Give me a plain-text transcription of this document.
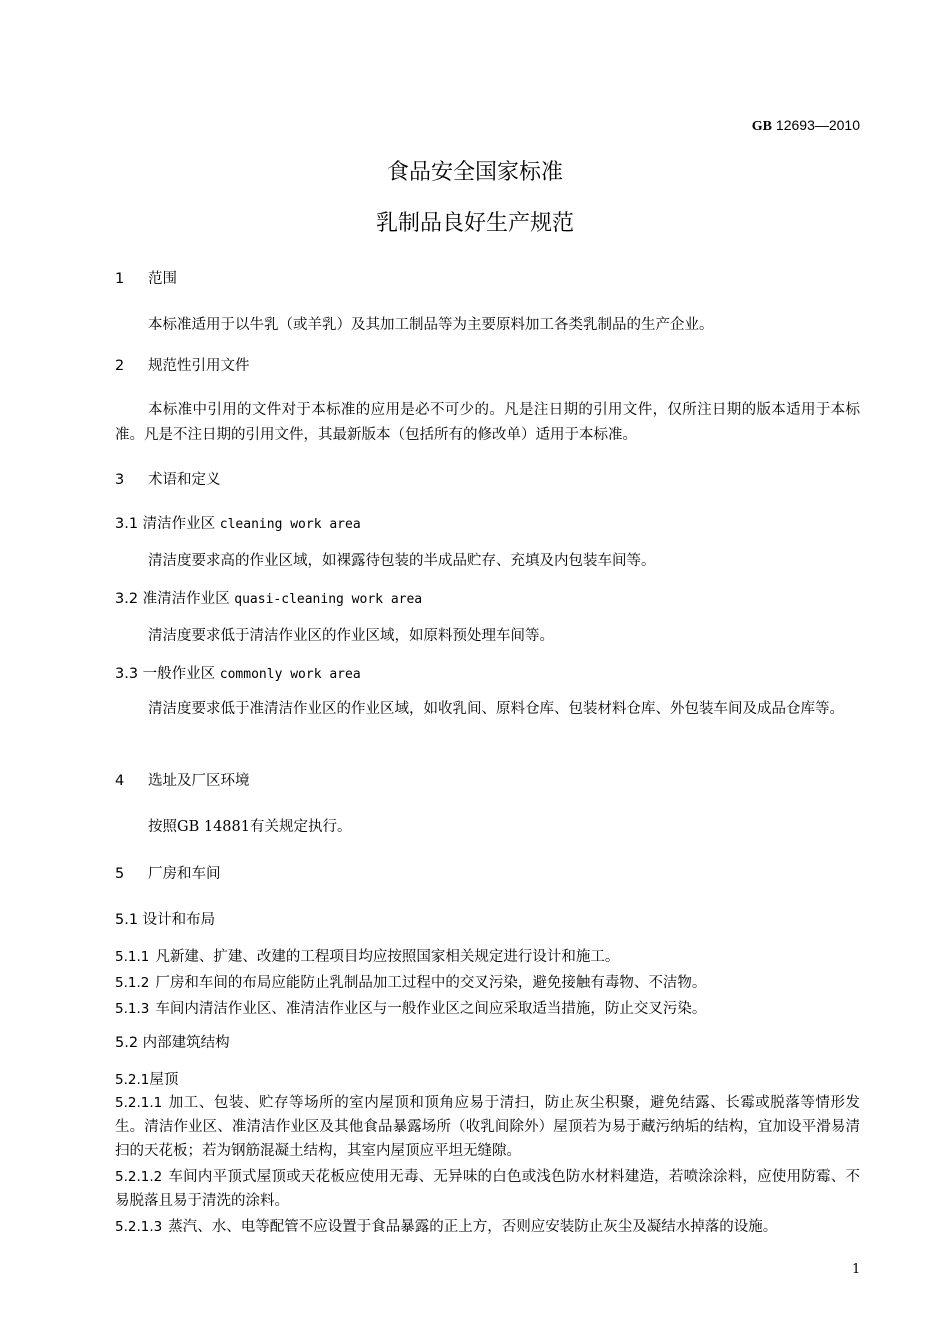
GB 12693—2010
食品安全国家标准
乳制品良好生产规范
1 范围
本标准适用于以牛乳（或羊乳）及其加工制品等为主要原料加工各类乳制品的生产企业。
2 规范性引用文件
本标准中引用的文件对于本标准的应用是必不可少的。凡是注日期的引用文件，仅所注日期的版本适用于本标准。凡是不注日期的引用文件，其最新版本（包括所有的修改单）适用于本标准。
3 术语和定义
3.1 清洁作业区 cleaning work area
清洁度要求高的作业区域，如裸露待包装的半成品贮存、充填及内包装车间等。
3.2 准清洁作业区 quasi-cleaning work area
清洁度要求低于清洁作业区的作业区域，如原料预处理车间等。
3.3 一般作业区 commonly work area
清洁度要求低于准清洁作业区的作业区域，如收乳间、原料仓库、包装材料仓库、外包装车间及成品仓库等。
4 选址及厂区环境
按照GB 14881有关规定执行。
5 厂房和车间
5.1 设计和布局
5.1.1 凡新建、扩建、改建的工程项目均应按照国家相关规定进行设计和施工。
5.1.2 厂房和车间的布局应能防止乳制品加工过程中的交叉污染，避免接触有毒物、不洁物。
5.1.3 车间内清洁作业区、准清洁作业区与一般作业区之间应采取适当措施，防止交叉污染。
5.2 内部建筑结构
5.2.1屋顶
5.2.1.1 加工、包装、贮存等场所的室内屋顶和顶角应易于清扫，防止灰尘积聚，避免结露、长霉或脱落等情形发生。清洁作业区、准清洁作业区及其他食品暴露场所（收乳间除外）屋顶若为易于藏污纳垢的结构，宜加设平滑易清扫的天花板；若为钢筋混凝土结构，其室内屋顶应平坦无缝隙。
5.2.1.2 车间内平顶式屋顶或天花板应使用无毒、无异味的白色或浅色防水材料建造，若喷涂涂料，应使用防霉、不易脱落且易于清洗的涂料。
5.2.1.3 蒸汽、水、电等配管不应设置于食品暴露的正上方，否则应安装防止灰尘及凝结水掉落的设施。
1
